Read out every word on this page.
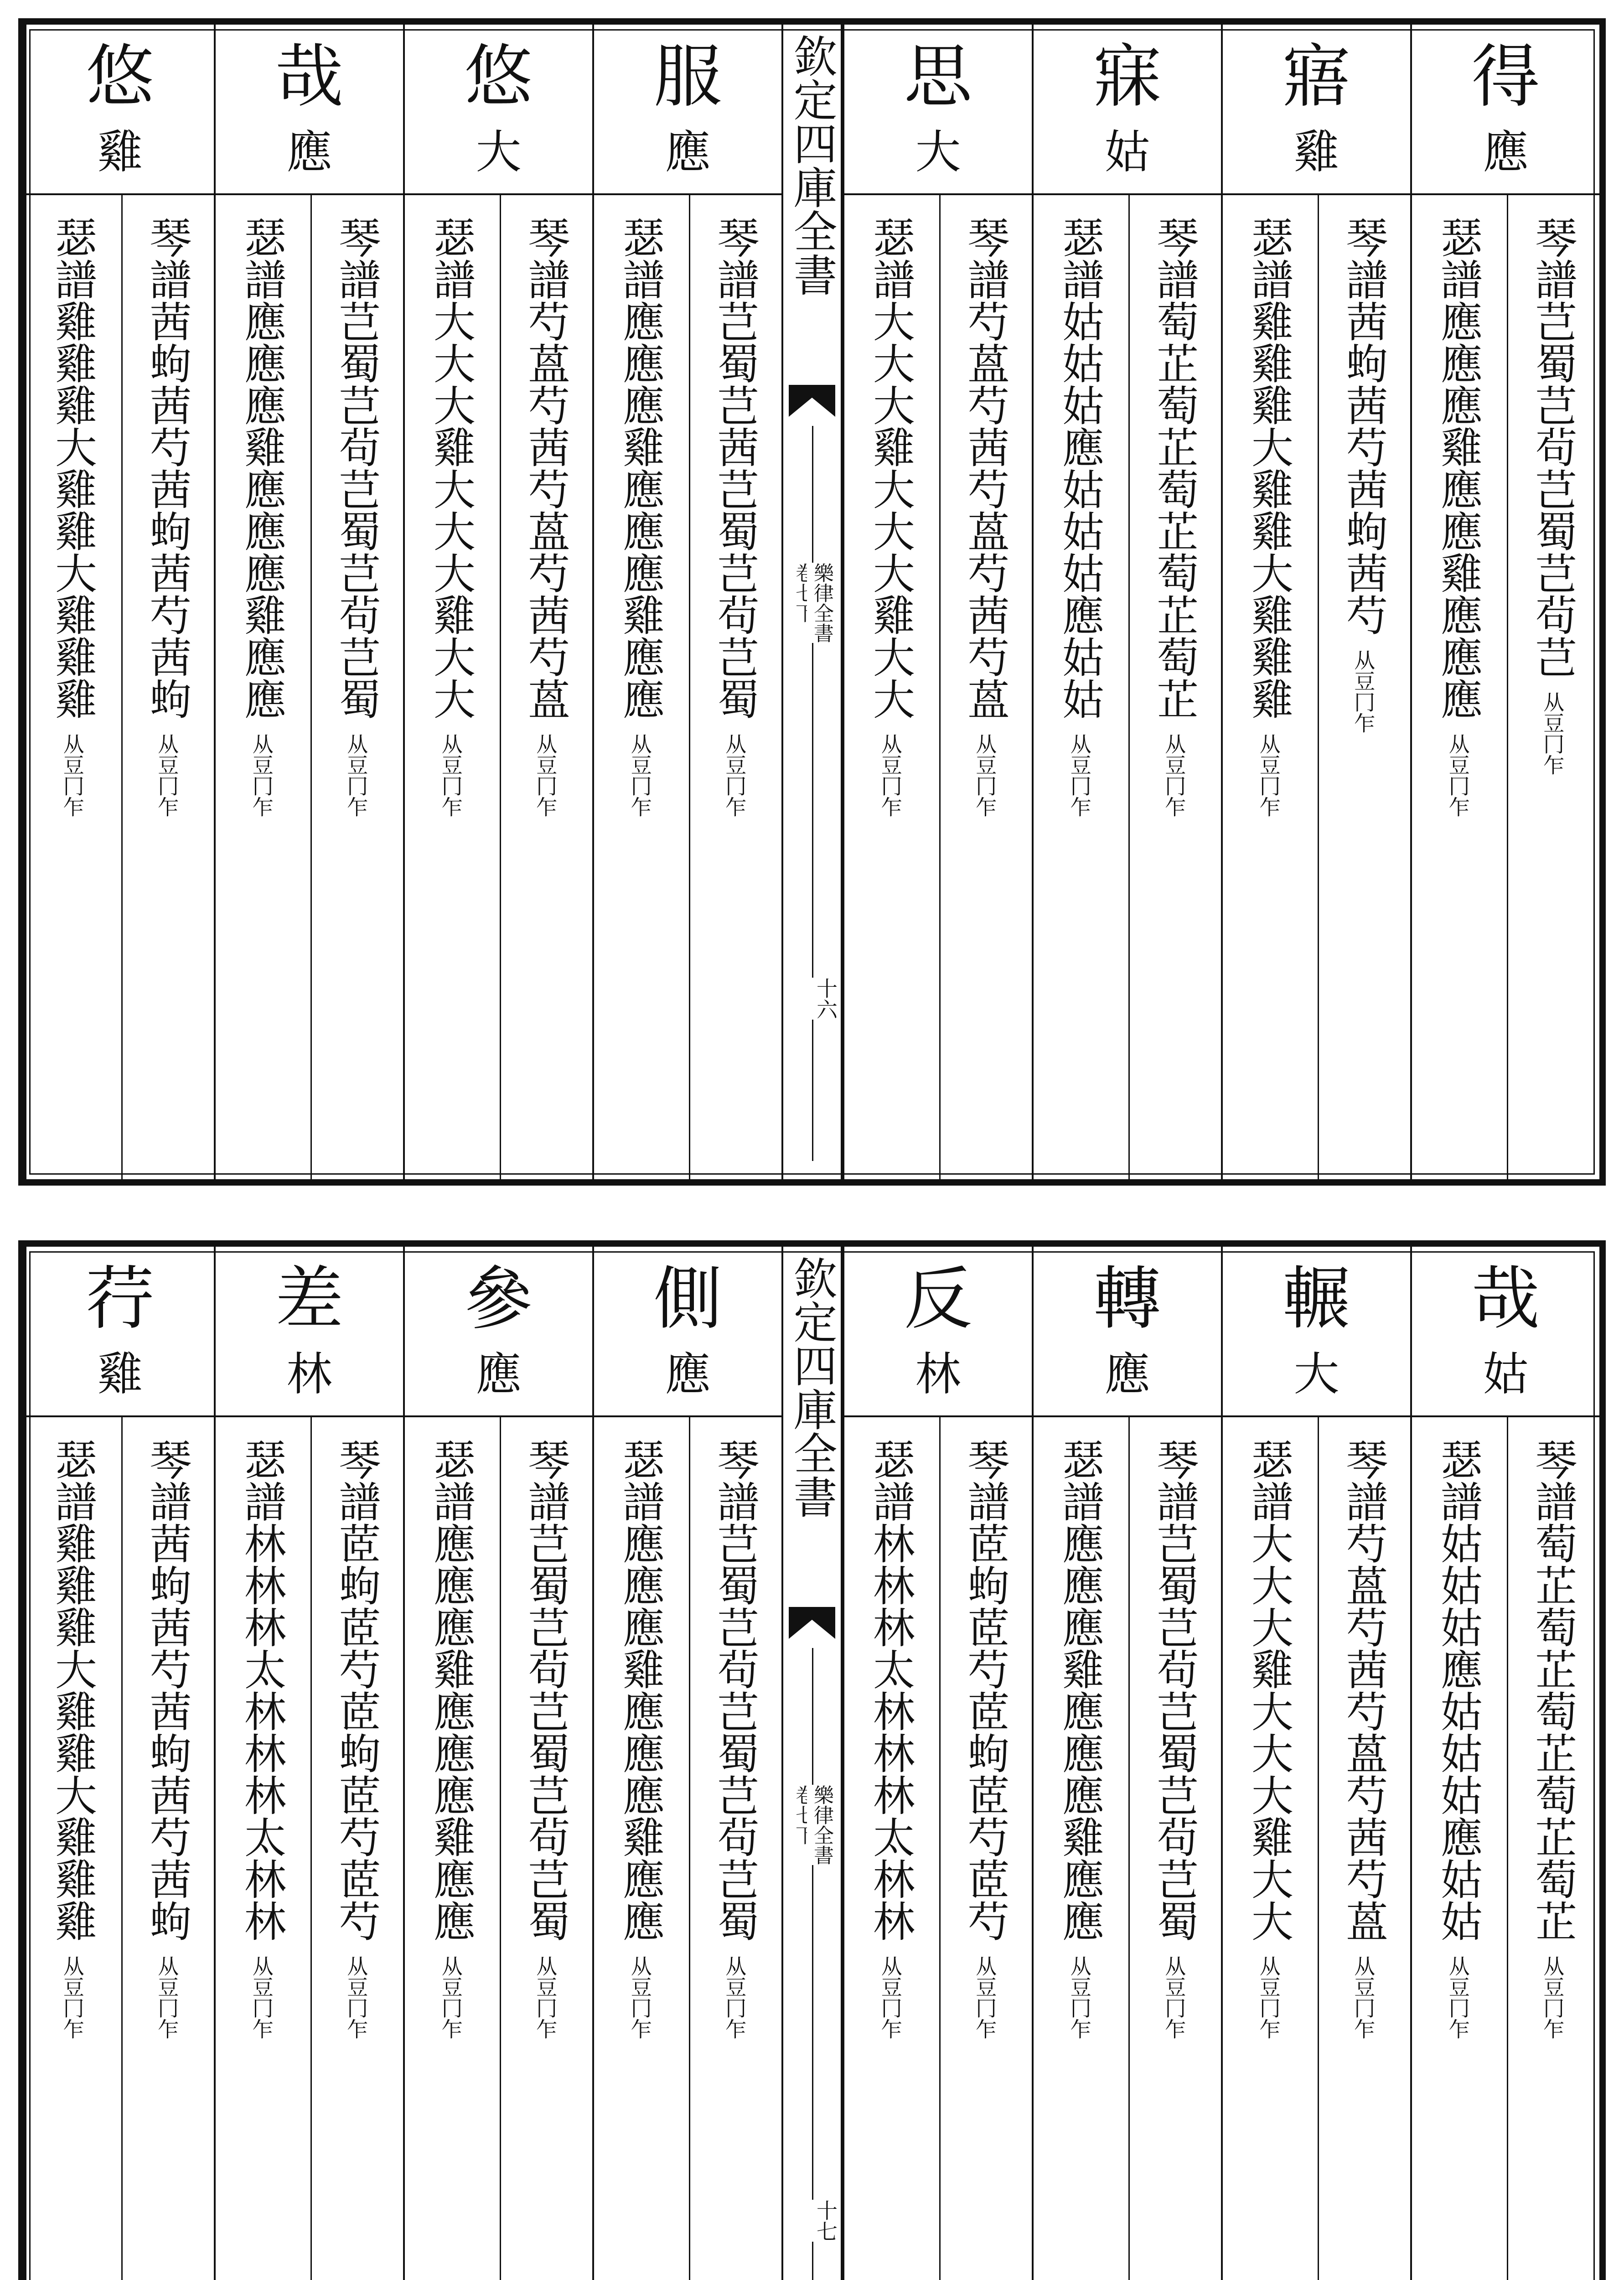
得
應
琴譜芑蜀芑茍芑蜀芑茍芑
从豆冂乍
瑟譜應應應雞應應雞應應應
从豆冂乍
寤
雞
琴譜茜蚼茜芍茜蚼茜芍
从豆冂乍
瑟譜雞雞雞大雞雞大雞雞雞
从豆冂乍
寐
姑
琴譜萄芷萄芷萄芷萄芷萄芷
从豆冂乍
瑟譜姑姑姑應姑姑姑應姑姑
从豆冂乍
思
大
琴譜芍蒕芍茜芍蒕芍茜芍蒕
从豆冂乍
瑟譜大大大雞大大大雞大大
从豆冂乍
欽定四庫全書
卷七下
樂律全書
十六
服
應
琴譜芑蜀芑茜芑蜀芑茍芑蜀
从豆冂乍
瑟譜應應應雞應應應雞應應
从豆冂乍
悠
大
琴譜芍蒕芍茜芍蒕芍茜芍蒕
从豆冂乍
瑟譜大大大雞大大大雞大大
从豆冂乍
哉
應
琴譜芑蜀芑茍芑蜀芑茍芑蜀
从豆冂乍
瑟譜應應應雞應應應雞應應
从豆冂乍
悠
雞
琴譜茜蚼茜芍茜蚼茜芍茜蚼
从豆冂乍
瑟譜雞雞雞大雞雞大雞雞雞
从豆冂乍
哉
姑
琴譜萄芷萄芷萄芷萄芷萄芷
从豆冂乍
瑟譜姑姑姑應姑姑姑應姑姑
从豆冂乍
輾
大
琴譜芍蒕芍茜芍蒕芍茜芍蒕
从豆冂乍
瑟譜大大大雞大大大雞大大
从豆冂乍
轉
應
琴譜芑蜀芑茍芑蜀芑茍芑蜀
从豆冂乍
瑟譜應應應雞應應應雞應應
从豆冂乍
反
林
琴譜茝蚼茝芍茝蚼茝芍茝芍
从豆冂乍
瑟譜林林林太林林林太林林
从豆冂乍
欽定四庫全書
卷七下
樂律全書
十七
側
應
琴譜芑蜀芑茍芑蜀芑茍芑蜀
从豆冂乍
瑟譜應應應雞應應應雞應應
从豆冂乍
參
應
琴譜芑蜀芑茍芑蜀芑茍芑蜀
从豆冂乍
瑟譜應應應雞應應應雞應應
从豆冂乍
差
林
琴譜茝蚼茝芍茝蚼茝芍茝芍
从豆冂乍
瑟譜林林林太林林林太林林
从豆冂乍
荇
雞
琴譜茜蚼茜芍茜蚼茜芍茜蚼
从豆冂乍
瑟譜雞雞雞大雞雞大雞雞雞
从豆冂乍
